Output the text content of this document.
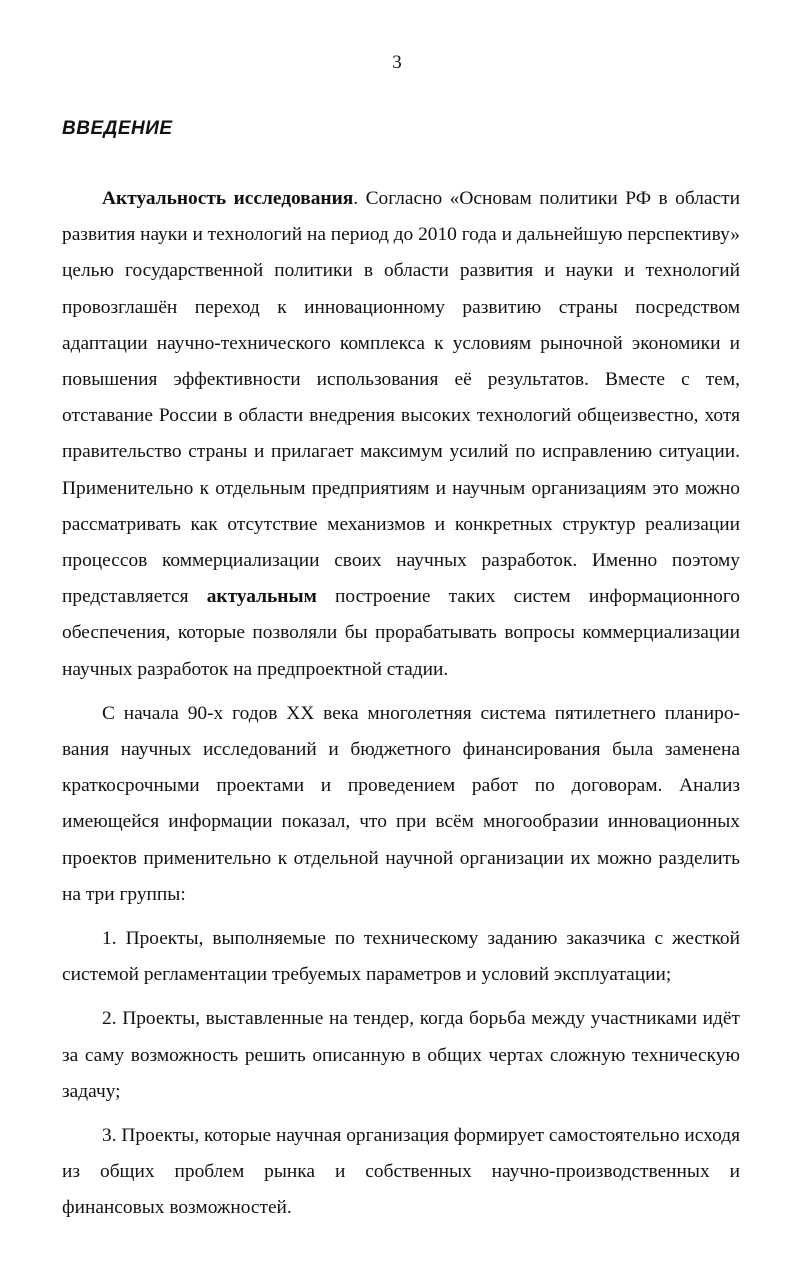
3

ВВЕДЕНИЕ

Актуальность исследования. Согласно «Основам политики РФ в области развития науки и технологий на период до 2010 года и дальнейшую перспективу» целью государственной политики в области развития и науки и технологий провозглашён переход к инновационному развитию страны посредством адаптации научно-технического комплекса к условиям рыночной экономики и повышения эффективности использования её результатов. Вместе с тем, отставание России в области внедрения высоких технологий общеизвестно, хотя правительство страны и прилагает максимум усилий по исправлению ситуации. Применительно к отдельным предприятиям и научным организациям это можно рассматривать как отсутствие механизмов и конкретных структур реализации процессов коммерциализации своих научных разработок. Именно поэтому представляется актуальным построение таких систем информационного обеспечения, которые позволяли бы прорабатывать вопросы коммерциализации научных разработок на предпроектной стадии.

С начала 90-х годов XX века многолетняя система пятилетнего планирования научных исследований и бюджетного финансирования была заменена краткосрочными проектами и проведением работ по договорам. Анализ имеющейся информации показал, что при всём многообразии инновационных проектов применительно к отдельной научной организации их можно разделить на три группы:

1. Проекты, выполняемые по техническому заданию заказчика с жесткой системой регламентации требуемых параметров и условий эксплуатации;

2. Проекты, выставленные на тендер, когда борьба между участниками идёт за саму возможность решить описанную в общих чертах сложную техническую задачу;

3. Проекты, которые научная организация формирует самостоятельно исходя из общих проблем рынка и собственных научно-производственных и финансовых возможностей.
